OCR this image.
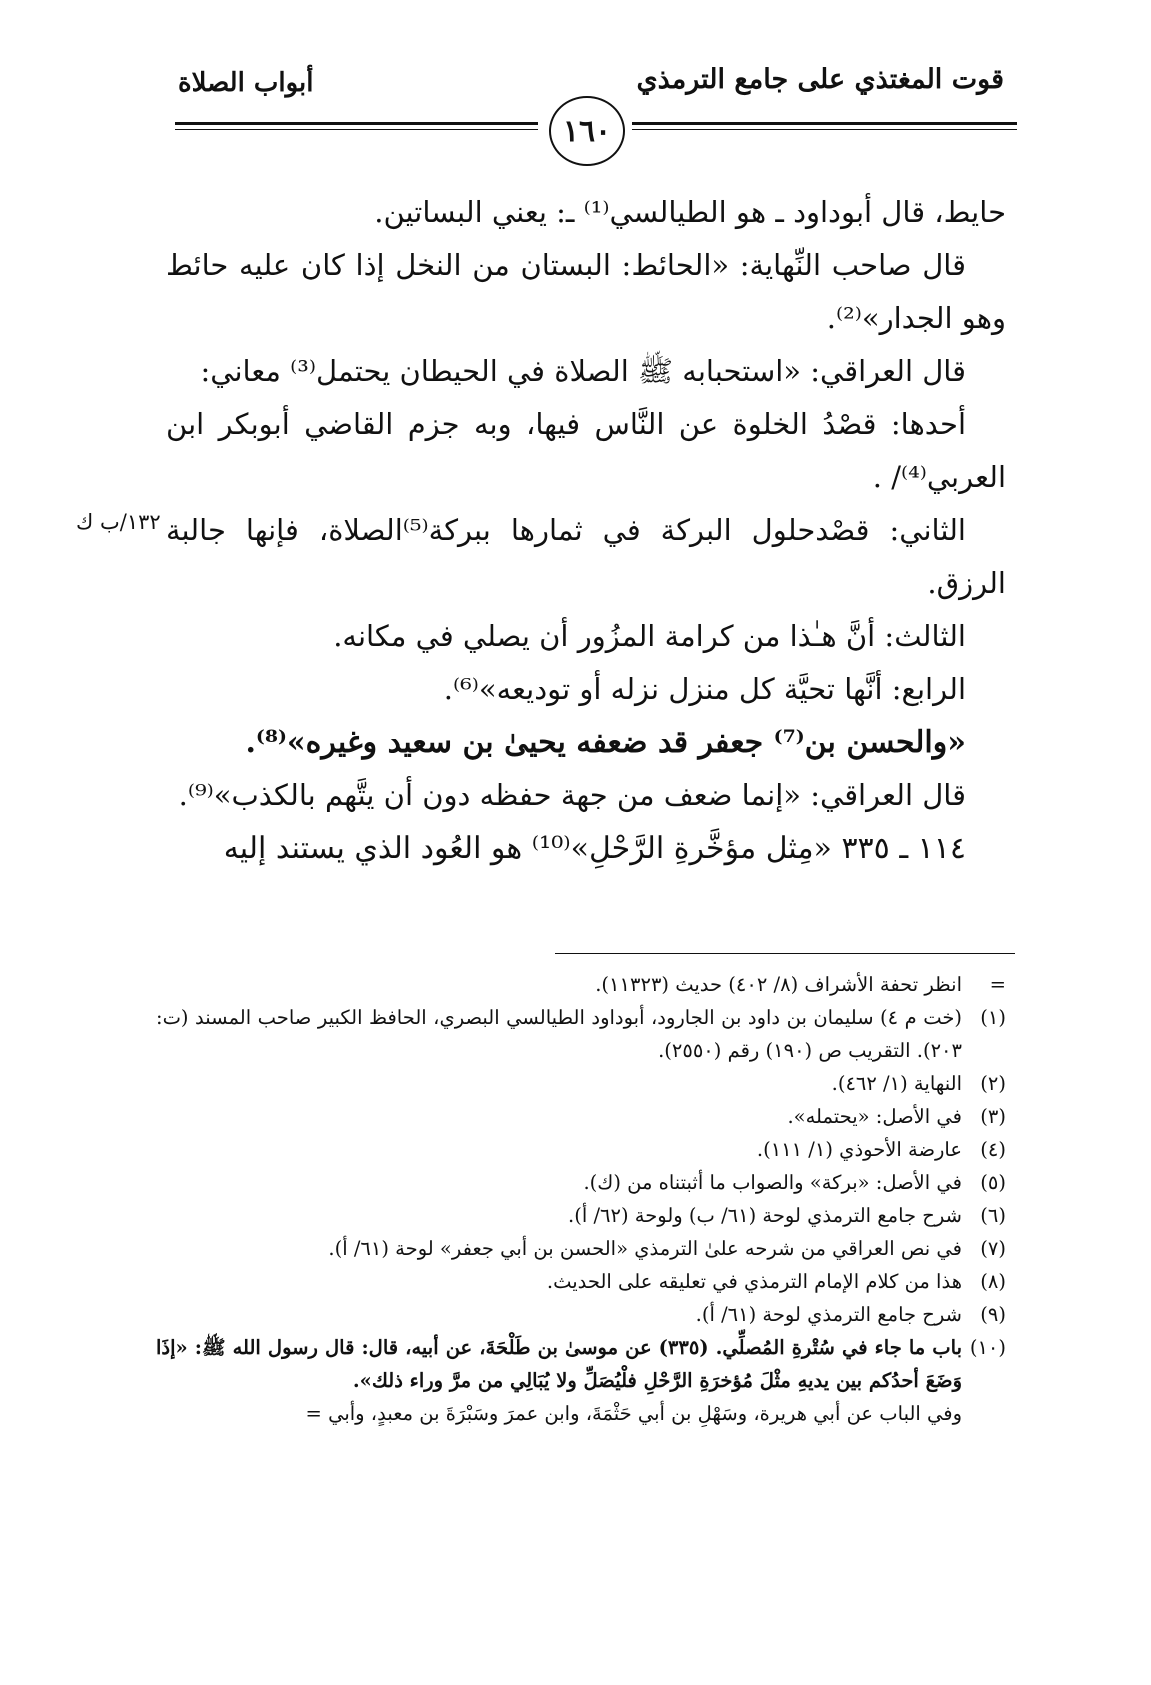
قوت المغتذي على جامع الترمذي
أبواب الصلاة
١٦٠
١٣٢/ب ك

حايط، قال أبوداود ـ هو الطيالسي⁽¹⁾ ـ: يعني البساتين.

قال صاحب النِّهاية: «الحائط: البستان من النخل إذا كان عليه حائط وهو الجدار»⁽²⁾.

قال العراقي: «استحبابه ﷺ الصلاة في الحيطان يحتمل⁽³⁾ معاني:

أحدها: قصْدُ الخلوة عن النَّاس فيها، وبه جزم القاضي أبوبكر ابن العربي⁽⁴⁾/ .

الثاني: قصْدحلول البركة في ثمارها ببركة⁽⁵⁾الصلاة، فإنها جالبة الرزق.

الثالث: أنَّ هـٰذا من كرامة المزُور أن يصلي في مكانه.

الرابع: أنَّها تحيَّة كل منزل نزله أو توديعه»⁽⁶⁾.

«والحسن بن⁽⁷⁾ جعفر قد ضعفه يحيىٰ بن سعيد وغيره»⁽⁸⁾.

قال العراقي: «إنما ضعف من جهة حفظه دون أن يتَّهم بالكذب»⁽⁹⁾.

١١٤ ـ ٣٣٥ «مِثل مؤخَّرةِ الرَّحْلِ»⁽¹⁰⁾ هو العُود الذي يستند إليه

=
انظر تحفة الأشراف (٨/ ٤٠٢) حديث (١١٣٢٣).
(١)
(خت م ٤) سليمان بن داود بن الجارود، أبوداود الطيالسي البصري، الحافظ الكبير صاحب المسند (ت: ٢٠٣). التقريب ص (١٩٠) رقم (٢٥٥٠).
(٢)
النهاية (١/ ٤٦٢).
(٣)
في الأصل: «يحتمله».
(٤)
عارضة الأحوذي (١/ ١١١).
(٥)
في الأصل: «بركة» والصواب ما أثبتناه من (ك).
(٦)
شرح جامع الترمذي لوحة (٦١/ ب) ولوحة (٦٢/ أ).
(٧)
في نص العراقي من شرحه علىٰ الترمذي «الحسن بن أبي جعفر» لوحة (٦١/ أ).
(٨)
هذا من كلام الإمام الترمذي في تعليقه على الحديث.
(٩)
شرح جامع الترمذي لوحة (٦١/ أ).
(١٠)
باب ما جاء في سُتْرةِ المُصلِّي. (٣٣٥) عن موسىٰ بن طَلْحَةَ، عن أبيه، قال: قال رسول الله ﷺ: «إذَا وَضَعَ أحدُكم بين يديهِ مثْلَ مُؤخرَةِ الرَّحْلِ فلْيُصَلِّ ولا يُبَالِي من مرَّ وراء ذلك».
وفي الباب عن أبي هريرة، وسَهْلِ بن أبي حَثْمَةَ، وابن عمرَ وسَبْرَةَ بن معبدٍ، وأبي =
